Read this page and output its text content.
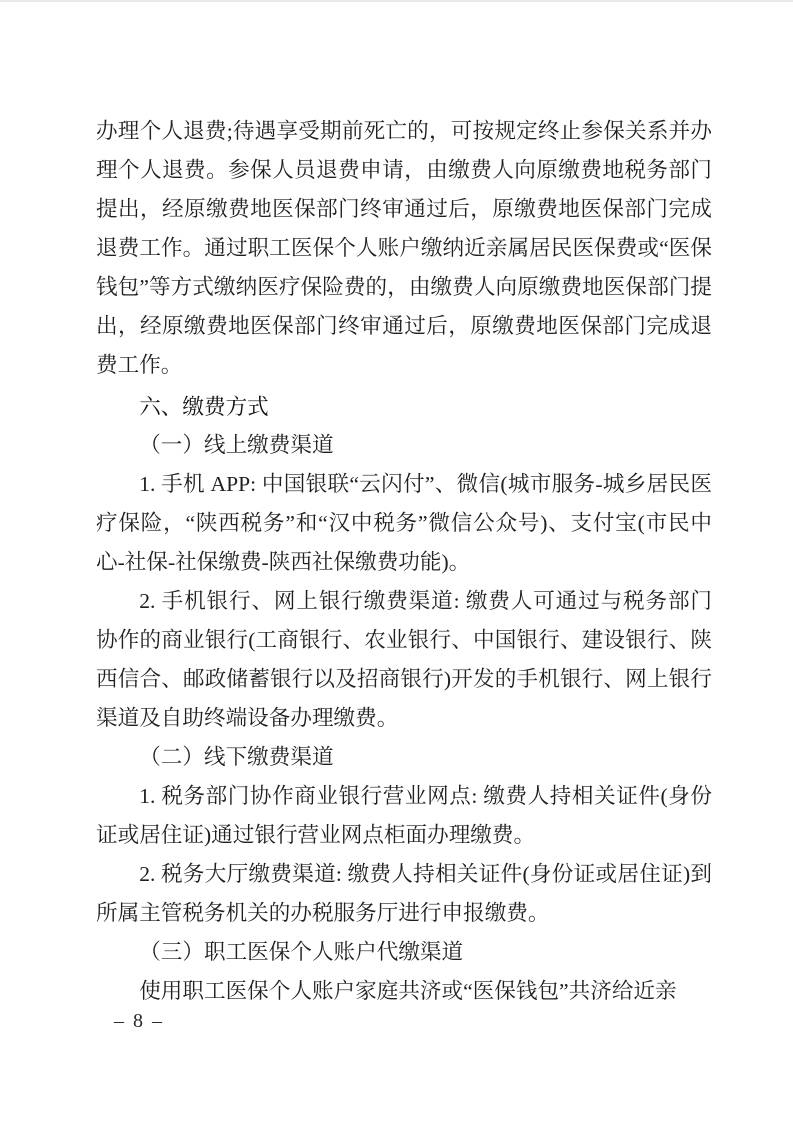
办理个人退费;待遇享受期前死亡的，可按规定终止参保关系并办理个人退费。参保人员退费申请，由缴费人向原缴费地税务部门提出，经原缴费地医保部门终审通过后，原缴费地医保部门完成退费工作。通过职工医保个人账户缴纳近亲属居民医保费或“医保钱包”等方式缴纳医疗保险费的，由缴费人向原缴费地医保部门提出，经原缴费地医保部门终审通过后，原缴费地医保部门完成退费工作。

六、缴费方式

（一）线上缴费渠道

1. 手机 APP: 中国银联“云闪付”、微信(城市服务-城乡居民医疗保险，“陕西税务”和“汉中税务”微信公众号)、支付宝(市民中心-社保-社保缴费-陕西社保缴费功能)。

2. 手机银行、网上银行缴费渠道: 缴费人可通过与税务部门协作的商业银行(工商银行、农业银行、中国银行、建设银行、陕西信合、邮政储蓄银行以及招商银行)开发的手机银行、网上银行渠道及自助终端设备办理缴费。

（二）线下缴费渠道

1. 税务部门协作商业银行营业网点: 缴费人持相关证件(身份证或居住证)通过银行营业网点柜面办理缴费。

2. 税务大厅缴费渠道: 缴费人持相关证件(身份证或居住证)到所属主管税务机关的办税服务厅进行申报缴费。

（三）职工医保个人账户代缴渠道

使用职工医保个人账户家庭共济或“医保钱包”共济给近亲

– 8 –
